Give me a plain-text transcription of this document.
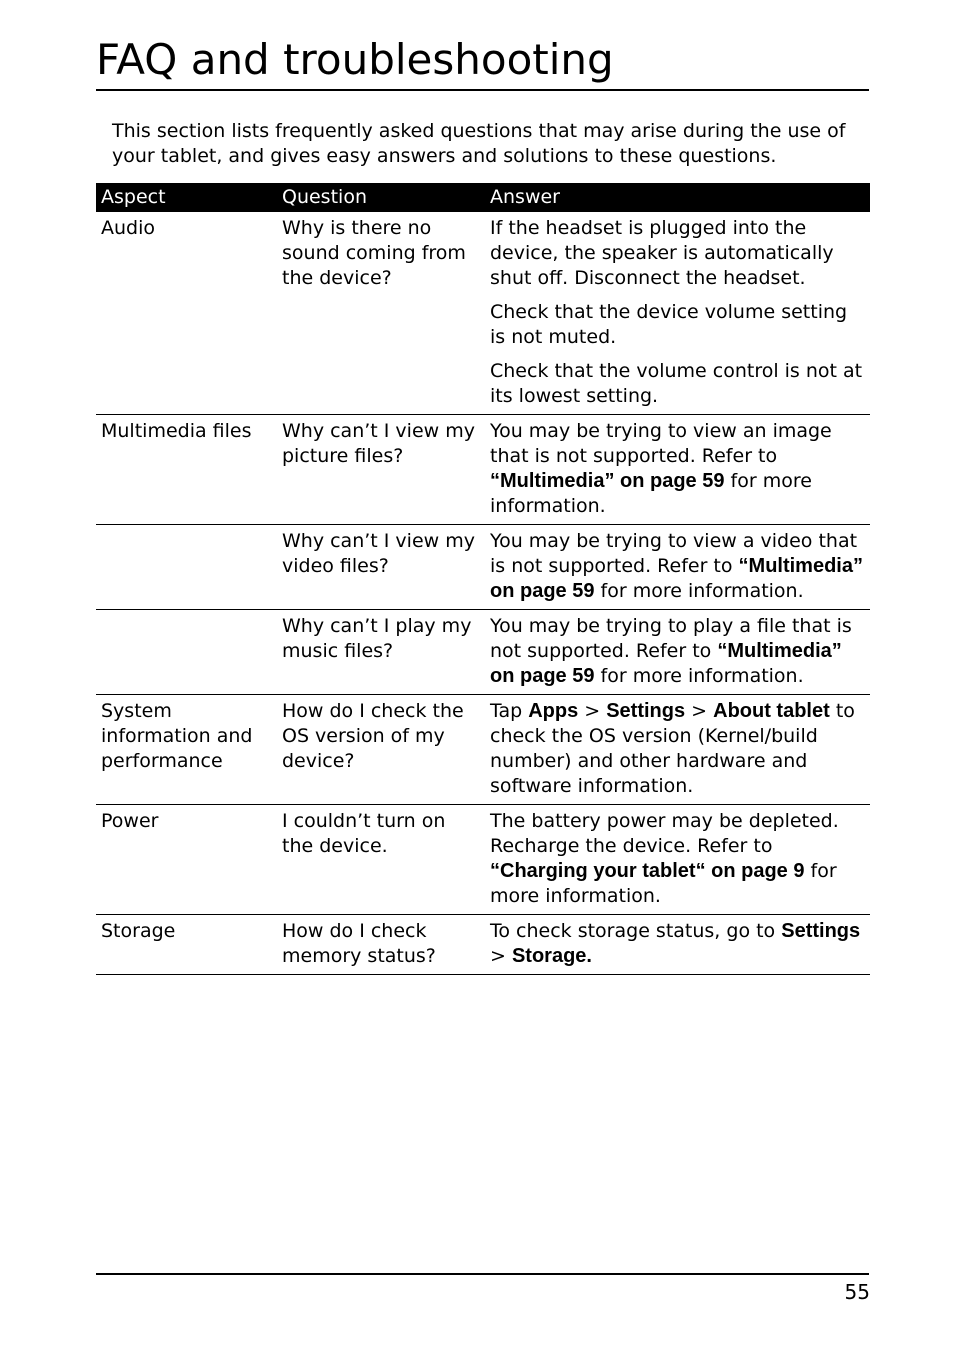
FAQ and troubleshooting

This section lists frequently asked questions that may arise during the use of your tablet, and gives easy answers and solutions to these questions.

Aspect	Question	Answer
Audio	Why is there no sound coming from the device?	If the headset is plugged into the device, the speaker is automatically shut off. Disconnect the headset.

Check that the device volume setting is not muted.

Check that the volume control is not at its lowest setting.

Multimedia files	Why can’t I view my picture files?	You may be trying to view an image that is not supported. Refer to “Multimedia” on page 59 for more information.

	Why can’t I view my video files?	You may be trying to view a video that is not supported. Refer to “Multimedia” on page 59 for more information.

	Why can’t I play my music files?	You may be trying to play a file that is not supported. Refer to “Multimedia” on page 59 for more information.

System information and performance	How do I check the OS version of my device?	Tap Apps > Settings > About tablet to check the OS version (Kernel/build number) and other hardware and software information.

Power	I couldn’t turn on the device.	The battery power may be depleted. Recharge the device. Refer to “Charging your tablet“ on page 9 for more information.

Storage	How do I check memory status?	To check storage status, go to Settings > Storage.

55
